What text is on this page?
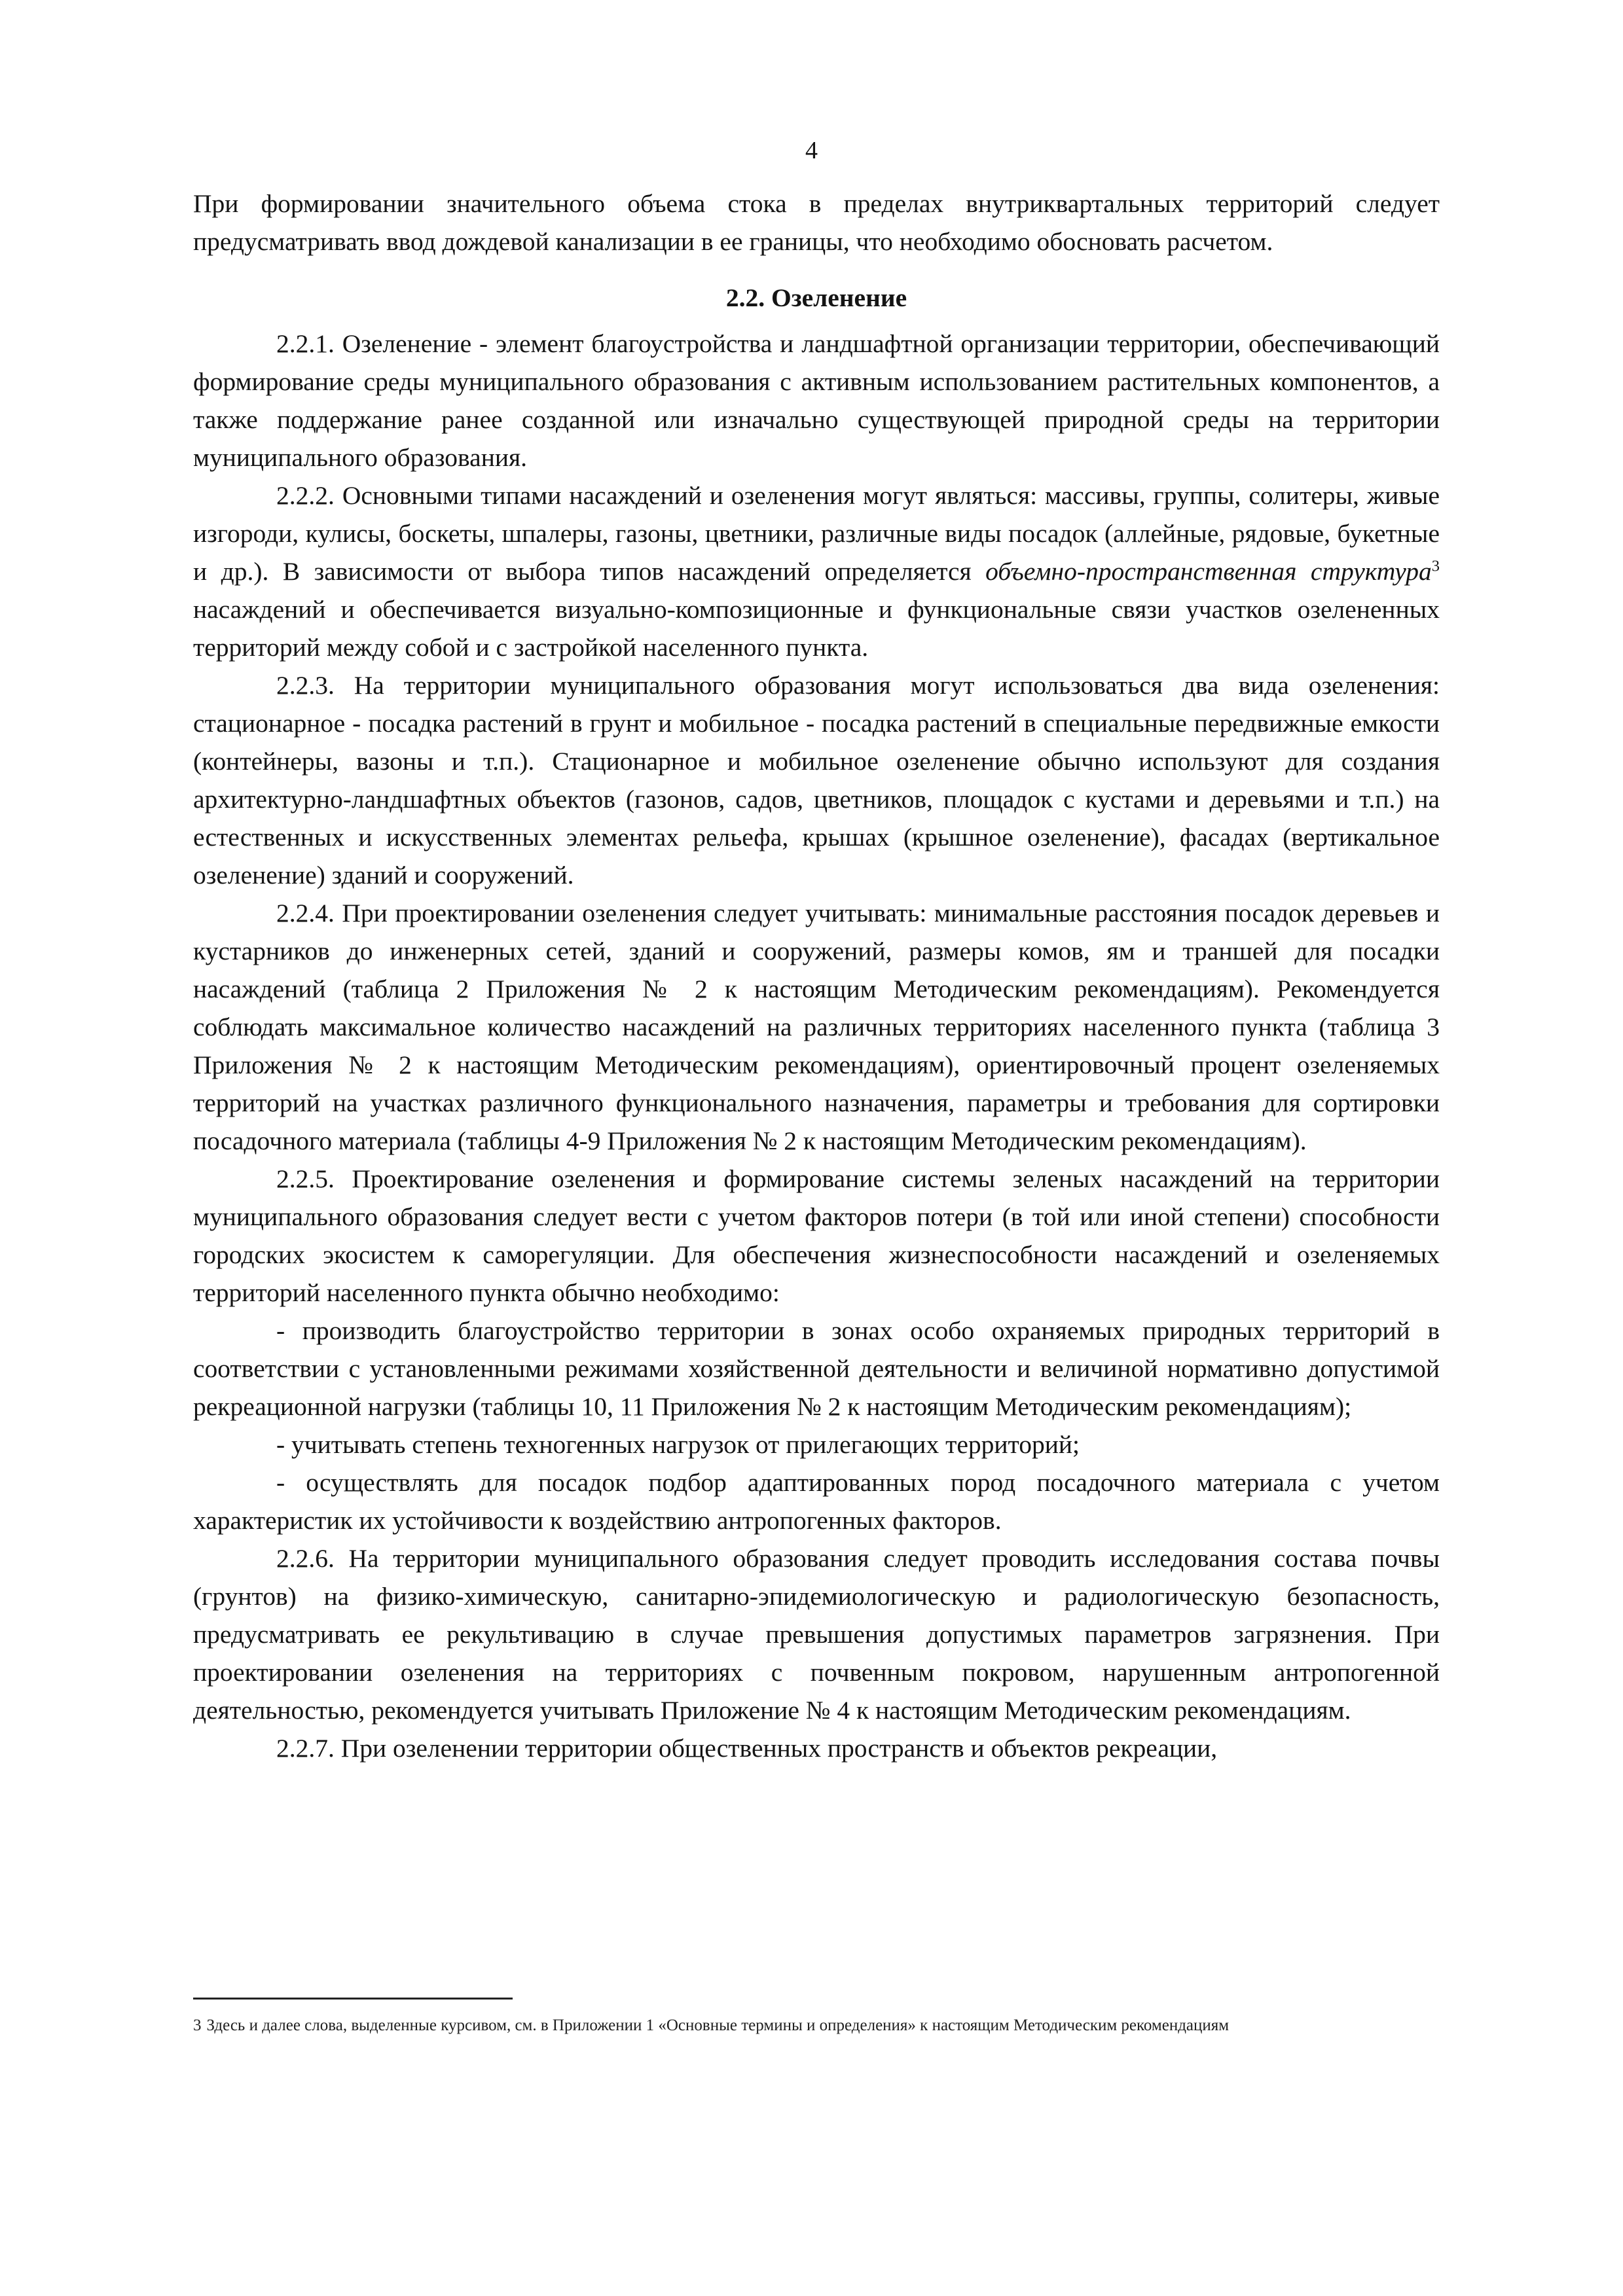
4

При формировании значительного объема стока в пределах внутриквартальных территорий следует предусматривать ввод дождевой канализации в ее границы, что необходимо обосновать расчетом.

2.2. Озеленение

2.2.1. Озеленение - элемент благоустройства и ландшафтной организации территории, обеспечивающий формирование среды муниципального образования с активным использованием растительных компонентов, а также поддержание ранее созданной или изначально существующей природной среды на территории муниципального образования.

2.2.2. Основными типами насаждений и озеленения могут являться: массивы, группы, солитеры, живые изгороди, кулисы, боскеты, шпалеры, газоны, цветники, различные виды посадок (аллейные, рядовые, букетные и др.). В зависимости от выбора типов насаждений определяется объемно-пространственная структура$^3$ насаждений и обеспечивается визуально-композиционные и функциональные связи участков озелененных территорий между собой и с застройкой населенного пункта.

2.2.3. На территории муниципального образования могут использоваться два вида озеленения: стационарное - посадка растений в грунт и мобильное - посадка растений в специальные передвижные емкости (контейнеры, вазоны и т.п.). Стационарное и мобильное озеленение обычно используют для создания архитектурно-ландшафтных объектов (газонов, садов, цветников, площадок с кустами и деревьями и т.п.) на естественных и искусственных элементах рельефа, крышах (крышное озеленение), фасадах (вертикальное озеленение) зданий и сооружений.

2.2.4. При проектировании озеленения следует учитывать: минимальные расстояния посадок деревьев и кустарников до инженерных сетей, зданий и сооружений, размеры комов, ям и траншей для посадки насаждений (таблица 2 Приложения № 2 к настоящим Методическим рекомендациям). Рекомендуется соблюдать максимальное количество насаждений на различных территориях населенного пункта (таблица 3 Приложения № 2 к настоящим Методическим рекомендациям), ориентировочный процент озеленяемых территорий на участках различного функционального назначения, параметры и требования для сортировки посадочного материала (таблицы 4-9 Приложения № 2 к настоящим Методическим рекомендациям).

2.2.5. Проектирование озеленения и формирование системы зеленых насаждений на территории муниципального образования следует вести с учетом факторов потери (в той или иной степени) способности городских экосистем к саморегуляции. Для обеспечения жизнеспособности насаждений и озеленяемых территорий населенного пункта обычно необходимо:

- производить благоустройство территории в зонах особо охраняемых природных территорий в соответствии с установленными режимами хозяйственной деятельности и величиной нормативно допустимой рекреационной нагрузки (таблицы 10, 11 Приложения № 2 к настоящим Методическим рекомендациям);

- учитывать степень техногенных нагрузок от прилегающих территорий;

- осуществлять для посадок подбор адаптированных пород посадочного материала с учетом характеристик их устойчивости к воздействию антропогенных факторов.

2.2.6. На территории муниципального образования следует проводить исследования состава почвы (грунтов) на физико-химическую, санитарно-эпидемиологическую и радиологическую безопасность, предусматривать ее рекультивацию в случае превышения допустимых параметров загрязнения. При проектировании озеленения на территориях с почвенным покровом, нарушенным антропогенной деятельностью, рекомендуется учитывать Приложение № 4 к настоящим Методическим рекомендациям.

2.2.7. При озеленении территории общественных пространств и объектов рекреации,

3 Здесь и далее слова, выделенные курсивом, см. в Приложении 1 «Основные термины и определения» к настоящим Методическим рекомендациям
